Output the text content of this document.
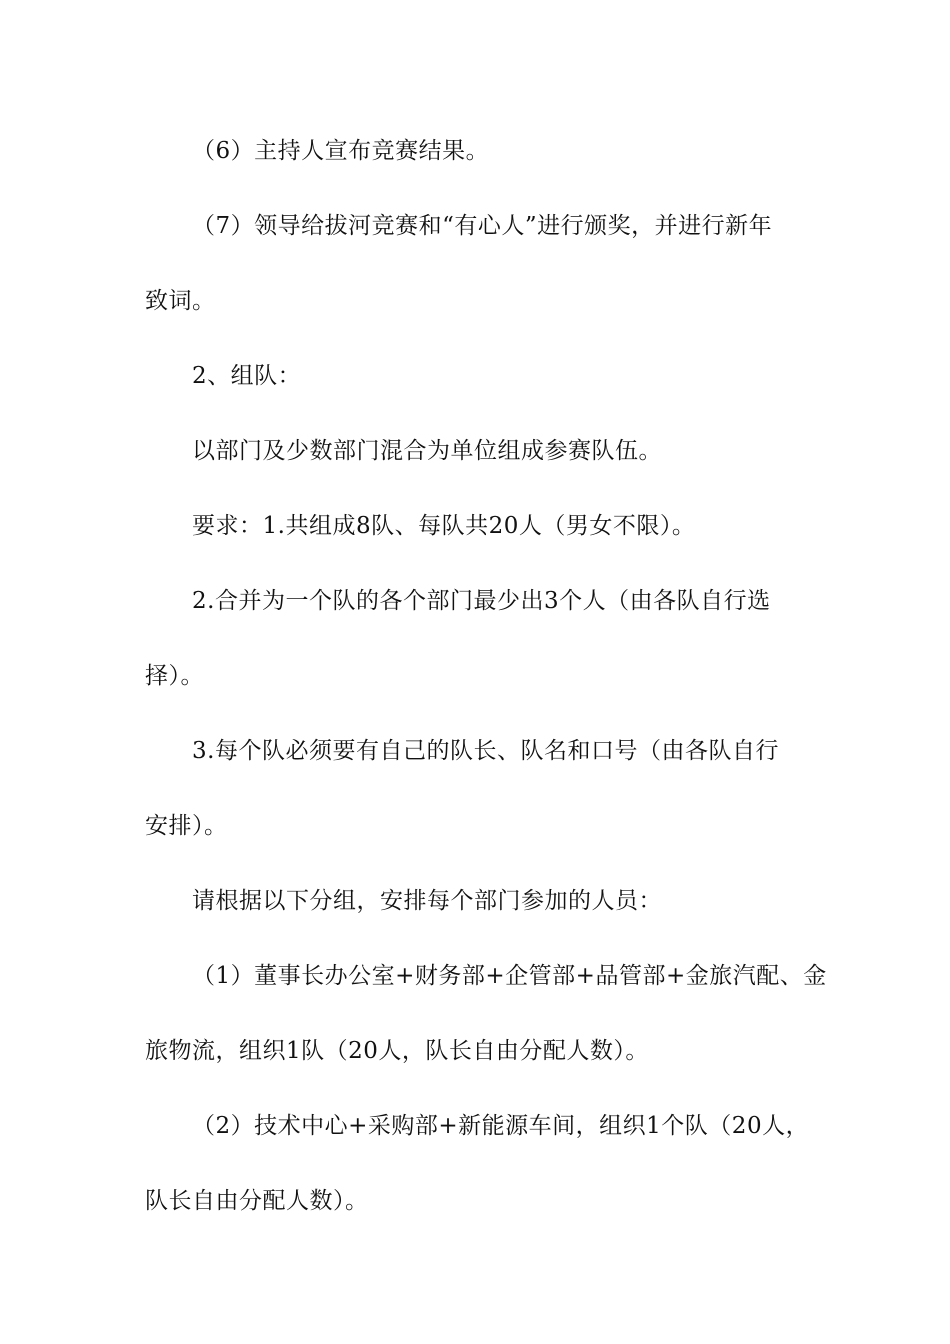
（6）主持人宣布竞赛结果。
（7）领导给拔河竞赛和“有心人”进行颁奖，并进行新年
致词。
2、组队：
以部门及少数部门混合为单位组成参赛队伍。
要求：1.共组成8队、每队共20人（男女不限）。
2.合并为一个队的各个部门最少出3个人（由各队自行选
择）。
3.每个队必须要有自己的队长、队名和口号（由各队自行
安排）。
请根据以下分组，安排每个部门参加的人员：
（1）董事长办公室+财务部+企管部+品管部+金旅汽配、金
旅物流，组织1队（20人，队长自由分配人数）。
（2）技术中心+采购部+新能源车间，组织1个队（20人，
队长自由分配人数）。
